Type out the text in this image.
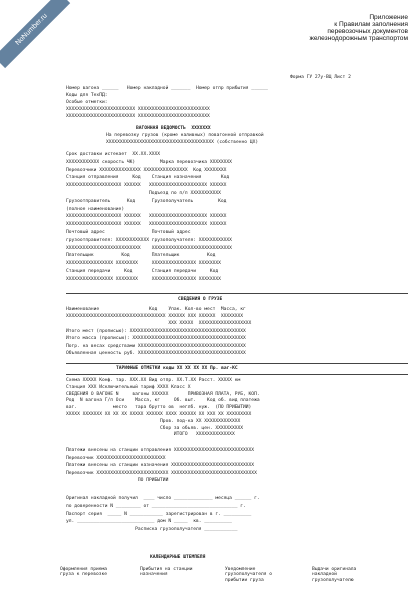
NoNumber.ru	Приложение
к Правилам заполнения
перевозочных документов
железнодорожным транспортом
Форма ГУ 27у-ВЦ Лист 2
Номер вагона ______   Номер накладной _______  Номер отпр прибытия ______
Коды для ТехПД:
Особые отметки:
XXXXXXXXXXXXXXXXXXXXXXXXX XXXXXXXXXXXXXXXXXXXXXXXXXX
XXXXXXXXXXXXXXXXXXXXXXXXX XXXXXXXXXXXXXXXXXXXXXXXXXX
ВАГОННАЯ ВЕДОМОСТЬ  XXXXXXX
На перевозку грузов (кроме наливных) повагонной отправкой
XXXXXXXXXXXXXXXXXXXXXXXXXXXXXXXXXXXXXXX (собственно ЦХ)
Срок доставки истекает  XX.XX.XXXX
XXXXXXXXXXXX скорость ЧК)         Марка перевозчика XXXXXXXX
Перевозчики XXXXXXXXXXXXXXX XXXXXXXXXXXXXXXX  Код XXXXXXXX
Станция отправления     Код    Станция назначения       Код
XXXXXXXXXXXXXXXXXXXX XXXXXX   XXXXXXXXXXXXXXXXXXXXX XXXXXX
Подъезд по п/п XXXXXXXXXXX
Грузоотправитель      Код      Грузополучатель         Код
(полное наименование)
XXXXXXXXXXXXXXXXXXXX XXXXXX   XXXXXXXXXXXXXXXXXXXXX XXXXXX
XXXXXXXXXXXXXXXXXXXX XXXXXX   XXXXXXXXXXXXXXXXXXXXX XXXXXX
Почтовый адрес                 Почтовый адрес
грузоотправителя: XXXXXXXXXXXX грузополучателя: XXXXXXXXXXXX
XXXXXXXXXXXXXXXXXXXXXXXXXXX    XXXXXXXXXXXXXXXXXXXXXXXXXXXXX
Плательщик          Код        Плательщик          Код
XXXXXXXXXXXXXXXXX XXXXXXXX     XXXXXXXXXXXXXXXX XXXXXXXX
Станция передачи     Код       Станция передачи     Код
XXXXXXXXXXXXXXXXX XXXXXXXX     XXXXXXXXXXXXXXXX XXXXXXXX
СВЕДЕНИЯ О ГРУЗЕ
Наименование                  Код    Упак. Кол-во мест  Масса, кг
XXXXXXXXXXXXXXXXXXXXXXXXXXXXXXXXXXXX XXXXXX XXX XXXXXX  XXXXXXXX
XXX XXXXX  XXXXXXXXXXXXXXXXXXX
Итого мест (прописью): XXXXXXXXXXXXXXXXXXXXXXXXXXXXXXXXXXXXXXXXXX
Итого масса (прописью): XXXXXXXXXXXXXXXXXXXXXXXXXXXXXXXXXXXXXXXXX
Погр. на весах средствами XXXXXXXXXXXXXXXXXXXXXXXXXXXXXXXXXXXXXXX
Объявленная ценность руб. XXXXXXXXXXXXXXXXXXXXXXXXXXXXXXXXXXXXXXX
ТАРИФНЫЕ ОТМЕТКИ коды XX XX XX XX Пр. ваг-КС
Схема XXXXX Конф. тар. XXX.XX Вид отпр. XX.Т.XX Расст. XXXXX км
Станция XXX Исключительный тариф XXXX Класс X
СВЕДЕНИЯ О ВАГОНЕ N     вагоны XXXXXX       ПРИВОЗНАЯ ПЛАТА, РУБ, КОП.
Род  N вагона Г/п Оси    Масса, кг     Об. выт.    Код об. вид платежа
ваг.             место   тара брутто ов  неглб. нуж.  (ПО ПРИБЫТИИ)
XXXXX XXXXXXX XX XX XX XXXXX XXXXXX XXXX XXXXXX XX XXX XX XXXXXXXXX
Пров. под-ка XX XXXXXXXXXXXXX
Сбор за обьяв. цен. XXXXXXXXXX
ИТОГО   XXXXXXXXXXXXXX
Платежи внесены на станции отправления XXXXXXXXXXXXXXXXXXXXXXXXXXXXX
Перевозчик XXXXXXXXXXXXXXXXXXXXXXXXX
Платежи внесены на станции назначения XXXXXXXXXXXXXXXXXXXXXXXXXXXXXX
Перевозчик XXXXXXXXXXXXXXXXXXXXXXXXXX XXXXXXXXXXXXXXXXXXXXXXXXXXXXXXX
ПО ПРИБЫТИИ
Оригинал накладной получил  ____ число ______________ месяца ______ г.
по доверенности N _________ от _______________________________ г.
Паспорт серия  _____ N ____________ зарегистрирован в г. __________
ул. ____________________________ дом N _____  кв. __________
Расписка грузополучателя ____________
КАЛЕНДАРНЫЕ ШТЕМПЕЛЯ
Оформления приема
груза к перевозке
Прибытия на станции
назначения
Уведомление
грузополучателя о
прибытии груза
Выдачи оригинала
накладной
грузополучателю
